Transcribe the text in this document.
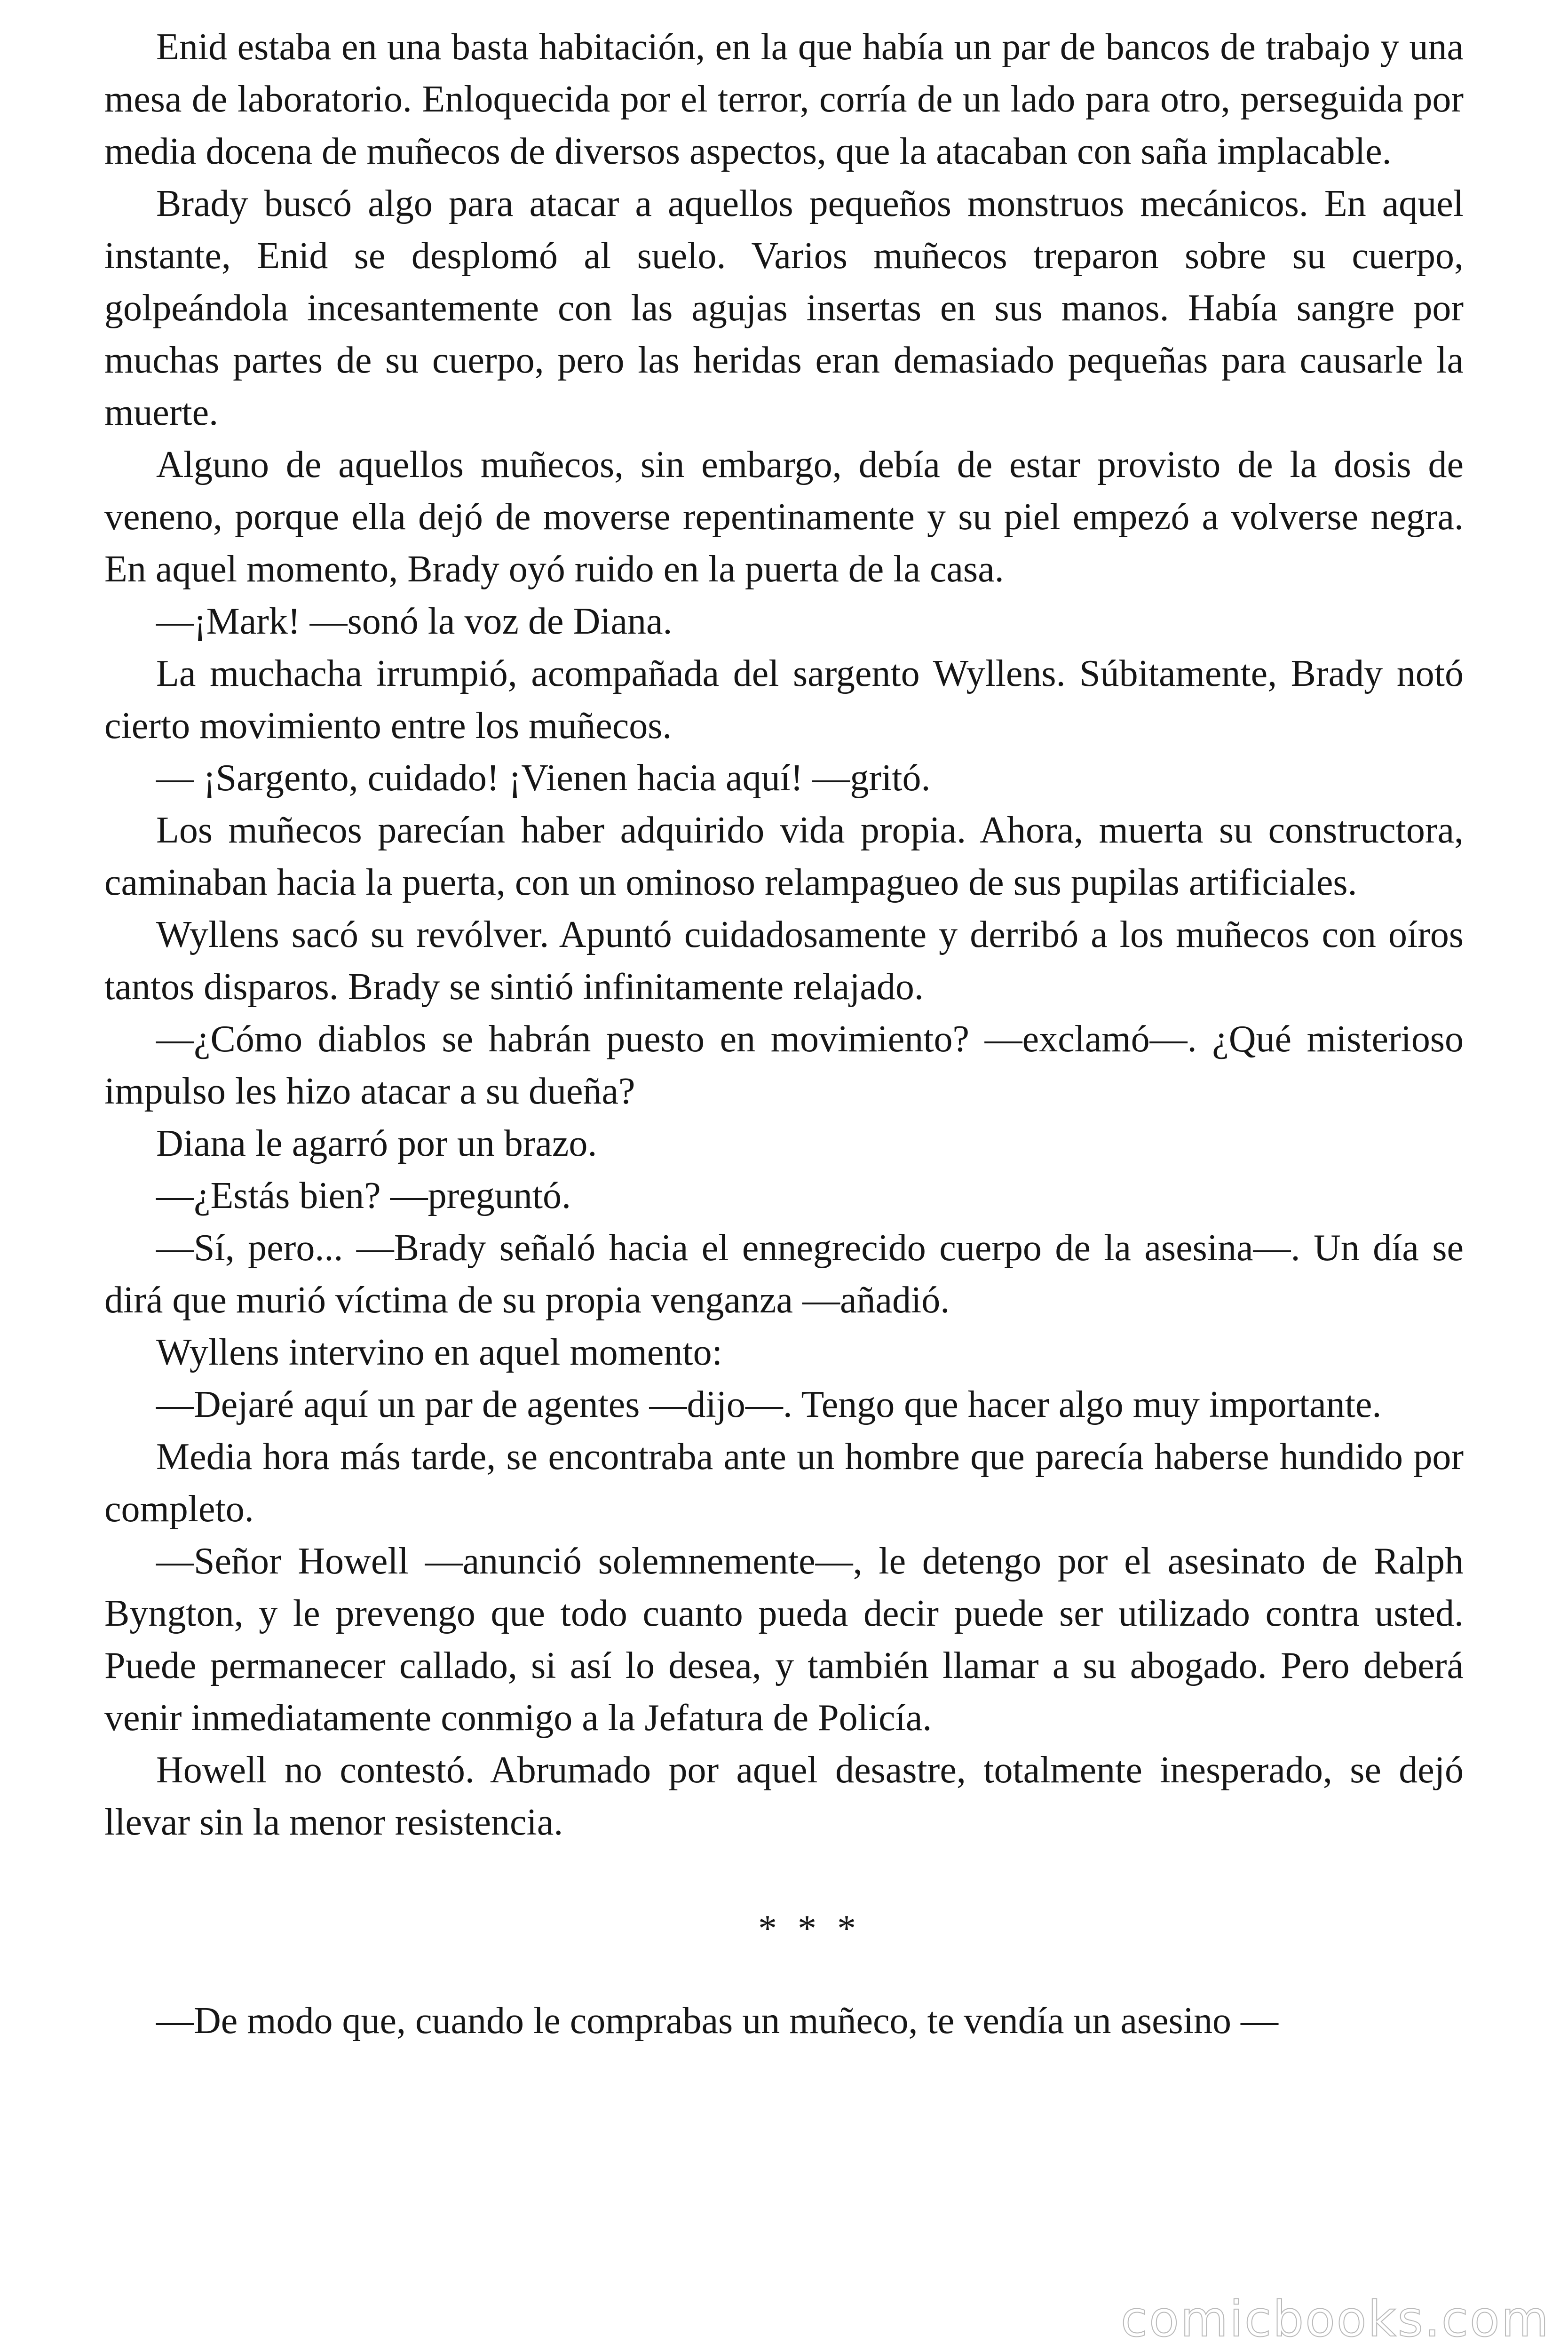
Enid estaba en una basta habitación, en la que había un par de bancos de trabajo y una mesa de laboratorio. Enloquecida por el terror, corría de un lado para otro, perseguida por media docena de muñecos de diversos aspectos, que la atacaban con saña implacable.

Brady buscó algo para atacar a aquellos pequeños monstruos mecánicos. En aquel instante, Enid se desplomó al suelo. Varios muñecos treparon sobre su cuerpo, golpeándola incesantemente con las agujas insertas en sus manos. Había sangre por muchas partes de su cuerpo, pero las heridas eran demasiado pequeñas para causarle la muerte.

Alguno de aquellos muñecos, sin embargo, debía de estar provisto de la dosis de veneno, porque ella dejó de moverse repentinamente y su piel empezó a volverse negra. En aquel momento, Brady oyó ruido en la puerta de la casa.

—¡Mark! —sonó la voz de Diana.

La muchacha irrumpió, acompañada del sargento Wyllens. Súbitamente, Brady notó cierto movimiento entre los muñecos.

— ¡Sargento, cuidado! ¡Vienen hacia aquí! —gritó.

Los muñecos parecían haber adquirido vida propia. Ahora, muerta su constructora, caminaban hacia la puerta, con un ominoso relampagueo de sus pupilas artificiales.

Wyllens sacó su revólver. Apuntó cuidadosamente y derribó a los muñecos con oíros tantos disparos. Brady se sintió infinitamente relajado.

—¿Cómo diablos se habrán puesto en movimiento? —exclamó—. ¿Qué misterioso impulso les hizo atacar a su dueña?

Diana le agarró por un brazo.

—¿Estás bien? —preguntó.

—Sí, pero... —Brady señaló hacia el ennegrecido cuerpo de la asesina—. Un día se dirá que murió víctima de su propia venganza —añadió.

Wyllens intervino en aquel momento:

—Dejaré aquí un par de agentes —dijo—. Tengo que hacer algo muy importante.

Media hora más tarde, se encontraba ante un hombre que parecía haberse hundido por completo.

—Señor Howell —anunció solemnemente—, le detengo por el asesinato de Ralph Byngton, y le prevengo que todo cuanto pueda decir puede ser utilizado contra usted. Puede permanecer callado, si así lo desea, y también llamar a su abogado. Pero deberá venir inmediatamente conmigo a la Jefatura de Policía.

Howell no contestó. Abrumado por aquel desastre, totalmente inesperado, se dejó llevar sin la menor resistencia.

* * *

—De modo que, cuando le comprabas un muñeco, te vendía un asesino —

comicbooks.com
